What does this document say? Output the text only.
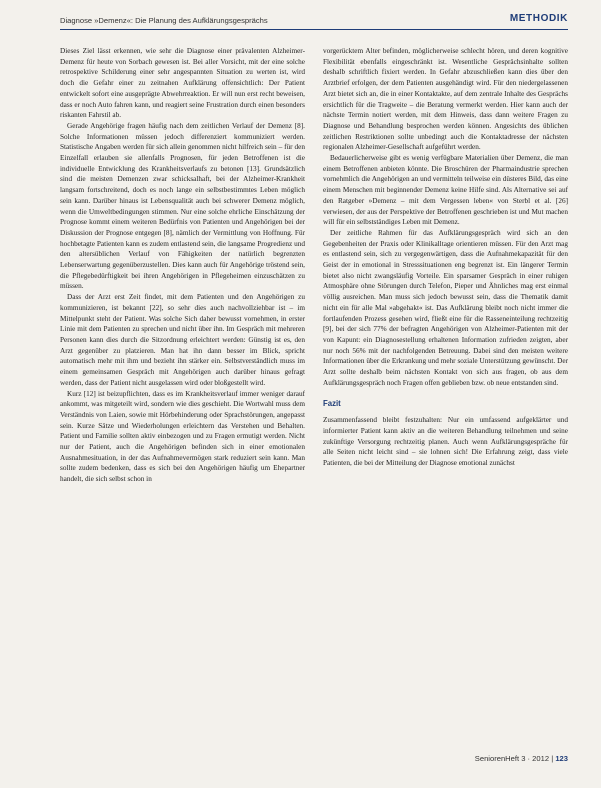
Diagnose »Demenz«: Die Planung des Aufklärungsgesprächs	METHODIK

Dieses Ziel lässt erkennen, wie sehr die Diagnose einer prävalenten Alzheimer-Demenz für heute von Sorbach gewesen ist. Bei aller Vorsicht, mit der eine solche retrospektive Schilderung einer sehr angespannten Situation zu werten ist, wird doch die Gefahr einer zu zeitnahen Aufklärung offensichtlich: Der Patient entwickelt sofort eine ausgeprägte Abwehrreaktion. Er will nun erst recht beweisen, dass er noch Auto fahren kann, und reagiert seine Frustration durch einen besonders riskanten Fahrstil ab.

Gerade Angehörige fragen häufig nach dem zeitlichen Verlauf der Demenz [8]. Solche Informationen müssen jedoch differenziert kommuniziert werden. Statistische Angaben werden für sich allein genommen nicht hilfreich sein – für den Einzelfall erlauben sie allenfalls Prognosen, für jeden Betroffenen ist die individuelle Entwicklung des Krankheitsverlaufs zu betonen [13]. Grundsätzlich sind die meisten Demenzen zwar schicksalhaft, bei der Alzheimer-Krankheit langsam fortschreitend, doch es noch lange ein selbstbestimmtes Leben möglich sein kann. Darüber hinaus ist Lebensqualität auch bei schwerer Demenz möglich, wenn die Umweltbedingungen stimmen. Nur eine solche ehrliche Einschätzung der Prognose kommt einem weiteren Bedürfnis von Patienten und Angehörigen bei der Diskussion der Prognose entgegen [8], nämlich der Vermittlung von Hoffnung. Für hochbetagte Patienten kann es zudem entlastend sein, die langsame Progredienz und den altersüblichen Verlauf von Fähigkeiten der natürlich begrenzten Lebenserwartung gegenüberzustellen. Dies kann auch für Angehörige tröstend sein, die Pflegebedürftigkeit bei ihren Angehörigen in Pflegeheimen einzuschätzen zu müssen.

Dass der Arzt erst Zeit findet, mit dem Patienten und den Angehörigen zu kommunizieren, ist bekannt [22], so sehr dies auch nachvollziehbar ist – im Mittelpunkt steht der Patient. Was solche Sich daher bewusst vornehmen, in erster Linie mit dem Patienten zu sprechen und nicht über ihn. Im Gespräch mit mehreren Personen kann dies durch die Sitzordnung erleichtert werden: Günstig ist es, den Arzt gegenüber zu platzieren. Man hat ihn dann besser im Blick, spricht automatisch mehr mit ihm und bezieht ihn stärker ein. Selbstverständlich muss im einem gemeinsamen Gespräch mit Angehörigen auch darüber hinaus gefragt werden, dass der Patient nicht ausgelassen wird oder bloßgestellt wird.

Kurz [12] ist beizupflichten, dass es im Krankheitsverlauf immer weniger darauf ankommt, was mitgeteilt wird, sondern wie dies geschieht. Die Wortwahl muss dem Verständnis von Laien, sowie mit Hörbehinderung oder Sprachstörungen, angepasst sein. Kurze Sätze und Wiederholungen erleichtern das Verstehen und Behalten. Patient und Familie sollten aktiv einbezogen und zu Fragen ermutigt werden. Nicht nur der Patient, auch die Angehörigen befinden sich in einer emotionalen Ausnahmesituation, in der das Aufnahmevermögen stark reduziert sein kann. Man sollte zudem bedenken, dass es sich bei den Angehörigen häufig um Ehepartner handelt, die sich selbst schon in

vorgerücktem Alter befinden, möglicherweise schlecht hören, und deren kognitive Flexibilität ebenfalls eingeschränkt ist. Wesentliche Gesprächsinhalte sollten deshalb schriftlich fixiert werden. In Gefahr abzuschließen kann dies über den Arztbrief erfolgen, der dem Patienten ausgehändigt wird. Für den niedergelassenen Arzt bietet sich an, die in einer Kontaktakte, auf dem zentrale Inhalte des Gesprächs ersichtlich für die Tragweite – die Beratung vermerkt werden. Hier kann auch der nächste Termin notiert werden, mit dem Hinweis, dass dann weitere Fragen zu Diagnose und Behandlung besprochen werden können. Angesichts des üblichen zeitlichen Restriktionen sollte unbedingt auch die Kontaktadresse der nächsten regionalen Alzheimer-Gesellschaft aufgeführt werden.

Bedauerlicherweise gibt es wenig verfügbare Materialien über Demenz, die man einem Betroffenen anbieten könnte. Die Broschüren der Pharmaindustrie sprechen vornehmlich die Angehörigen an und vermitteln teilweise ein düsteres Bild, das eine einem Menschen mit beginnender Demenz keine Hilfe sind. Als Alternative sei auf den Ratgeber »Demenz – mit dem Vergessen leben« von Sterbl et al. [26] verwiesen, der aus der Perspektive der Betroffenen geschrieben ist und Mut machen will für ein selbstständiges Leben mit Demenz.

Der zeitliche Rahmen für das Aufklärungsgespräch wird sich an den Gegebenheiten der Praxis oder Klinikalltage orientieren müssen. Für den Arzt mag es entlastend sein, sich zu vergegenwärtigen, dass die Aufnahmekapazität für den Geist der in emotional in Stresssituationen eng begrenzt ist. Ein längerer Termin bietet also nicht zwangsläufig Vorteile. Ein sparsamer Gespräch in einer ruhigen Atmosphäre ohne Störungen durch Telefon, Pieper und Ähnliches mag erst einmal völlig ausreichen. Man muss sich jedoch bewusst sein, dass die Thematik damit nicht ein für alle Mal »abgehakt« ist. Das Aufklärung bleibt noch nicht immer die fortlaufenden Prozess gesehen wird, fließt eine für die Rasseneinteilung rechtzeitig [9], bei der sich 77% der befragten Angehörigen von Alzheimer-Patienten mit der von Kapunt: ein Diagnosestellung erhaltenen Information zufrieden zeigten, aber nur noch 56% mit der nachfolgenden Betreuung. Dabei sind den meisten weitere Informationen über die Erkrankung und mehr soziale Unterstützung gewünscht. Der Arzt sollte deshalb beim nächsten Kontakt von sich aus fragen, ob aus dem Aufklärungsgespräch noch Fragen offen geblieben bzw. ob neue entstanden sind.

Fazit

Zusammenfassend bleibt festzuhalten: Nur ein umfassend aufgeklärter und informierter Patient kann aktiv an die weiteren Behandlung teilnehmen und seine zukünftige Versorgung rechtzeitig planen. Auch wenn Aufklärungsgespräche für alle Seiten nicht leicht sind – sie lohnen sich! Die Erfahrung zeigt, dass viele Patienten, die bei der Mitteilung der Diagnose emotional zunächst

SeniorenHeft 3 · 2012 | 123
